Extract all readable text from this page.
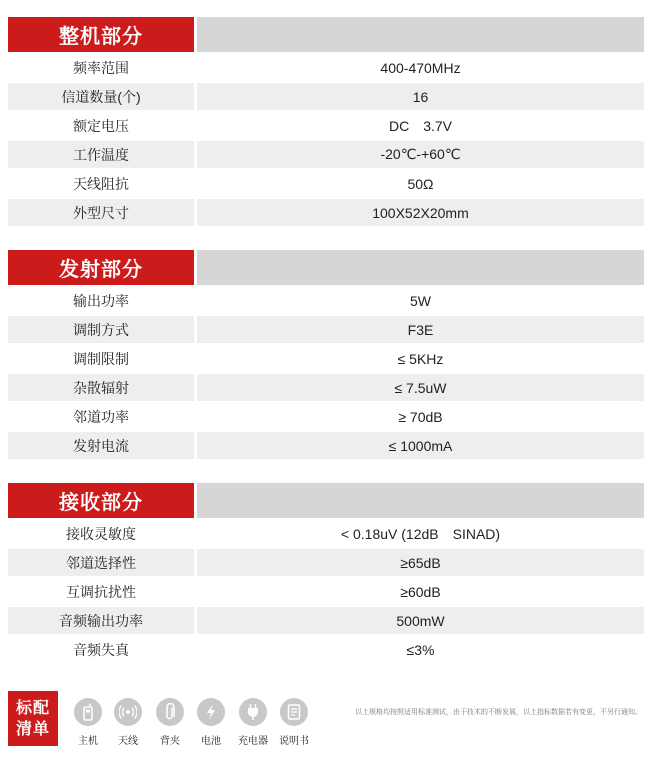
整机部分
频率范围	400-470MHz
信道数量(个)	16
额定电压	DC　3.7V
工作温度	-20℃-+60℃
天线阻抗	50Ω
外型尺寸	100X52X20mm
发射部分
输出功率	5W
调制方式	F3E
调制限制	≤ 5KHz
杂散辐射	≤ 7.5uW
邻道功率	≥ 70dB
发射电流	≤ 1000mA
接收部分
接收灵敏度	< 0.18uV (12dB　SINAD)
邻道选择性	≥65dB
互调抗扰性	≥60dB
音频输出功率	500mW
音频失真	≤3%
标配
清单
主机 天线 背夹 电池 充电器 说明书
以上规格均按照适用标准测试，由于技术的不断发展，以上指标数据若有变更，不另行通知。
